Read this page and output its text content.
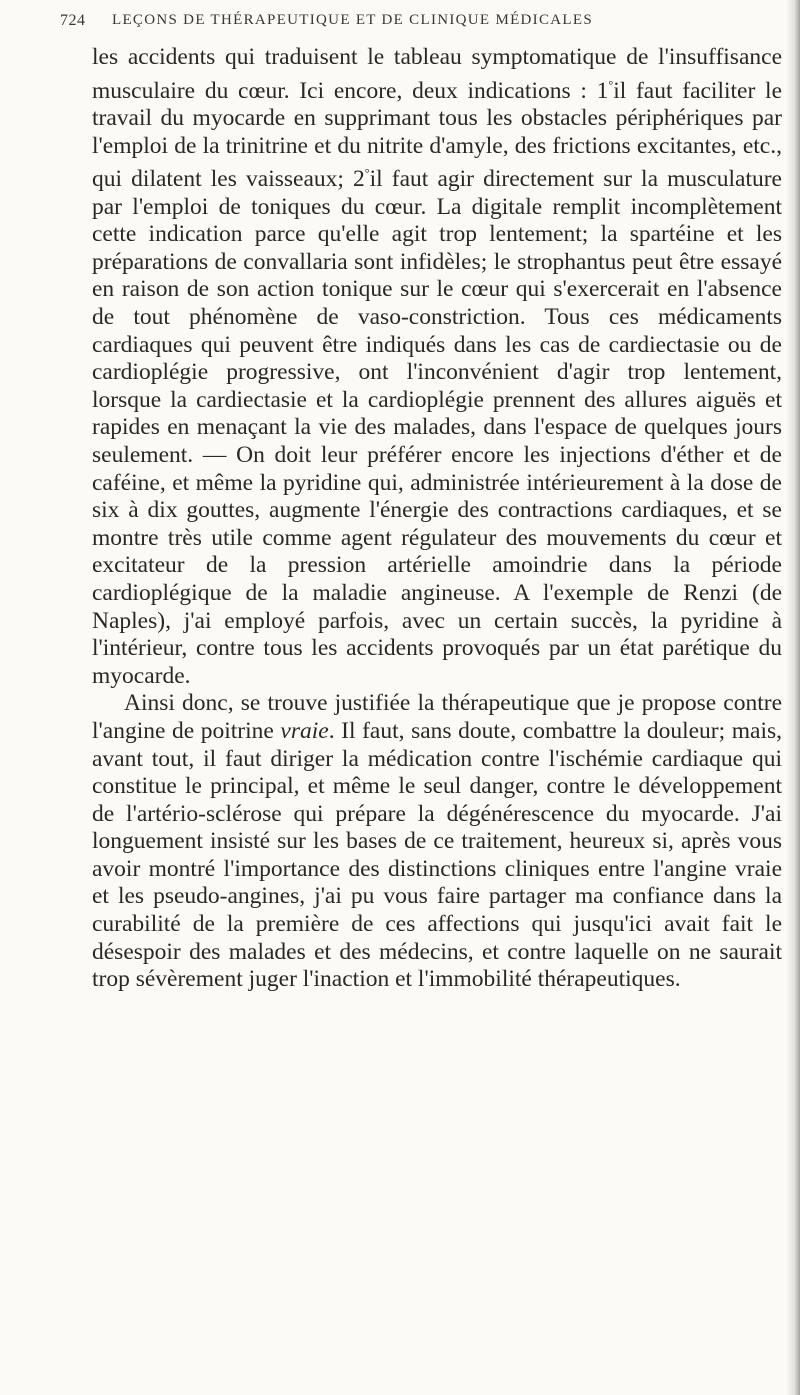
724 LEÇONS DE THÉRAPEUTIQUE ET DE CLINIQUE MÉDICALES

les accidents qui traduisent le tableau symptomatique de l'insuffisance musculaire du cœur. Ici encore, deux indications : 1°il faut faciliter le travail du myocarde en supprimant tous les obstacles périphériques par l'emploi de la trinitrine et du nitrite d'amyle, des frictions excitantes, etc., qui dilatent les vaisseaux; 2°il faut agir directement sur la musculature par l'emploi de toniques du cœur. La digitale remplit incomplètement cette indication parce qu'elle agit trop lentement; la spartéine et les préparations de convallaria sont infidèles; le strophantus peut être essayé en raison de son action tonique sur le cœur qui s'exercerait en l'absence de tout phénomène de vaso-constriction. Tous ces médicaments cardiaques qui peuvent être indiqués dans les cas de cardiectasie ou de cardioplégie progressive, ont l'inconvénient d'agir trop lentement, lorsque la cardiectasie et la cardioplégie prennent des allures aiguës et rapides en menaçant la vie des malades, dans l'espace de quelques jours seulement. — On doit leur préférer encore les injections d'éther et de caféine, et même la pyridine qui, administrée intérieurement à la dose de six à dix gouttes, augmente l'énergie des contractions cardiaques, et se montre très utile comme agent régulateur des mouvements du cœur et excitateur de la pression artérielle amoindrie dans la période cardioplégique de la maladie angineuse. A l'exemple de Renzi (de Naples), j'ai employé parfois, avec un certain succès, la pyridine à l'intérieur, contre tous les accidents provoqués par un état parétique du myocarde.

Ainsi donc, se trouve justifiée la thérapeutique que je propose contre l'angine de poitrine vraie. Il faut, sans doute, combattre la douleur; mais, avant tout, il faut diriger la médication contre l'ischémie cardiaque qui constitue le principal, et même le seul danger, contre le développement de l'artério-sclérose qui prépare la dégénérescence du myocarde. J'ai longuement insisté sur les bases de ce traitement, heureux si, après vous avoir montré l'importance des distinctions cliniques entre l'angine vraie et les pseudo-angines, j'ai pu vous faire partager ma confiance dans la curabilité de la première de ces affections qui jusqu'ici avait fait le désespoir des malades et des médecins, et contre laquelle on ne saurait trop sévèrement juger l'inaction et l'immobilité thérapeutiques.
